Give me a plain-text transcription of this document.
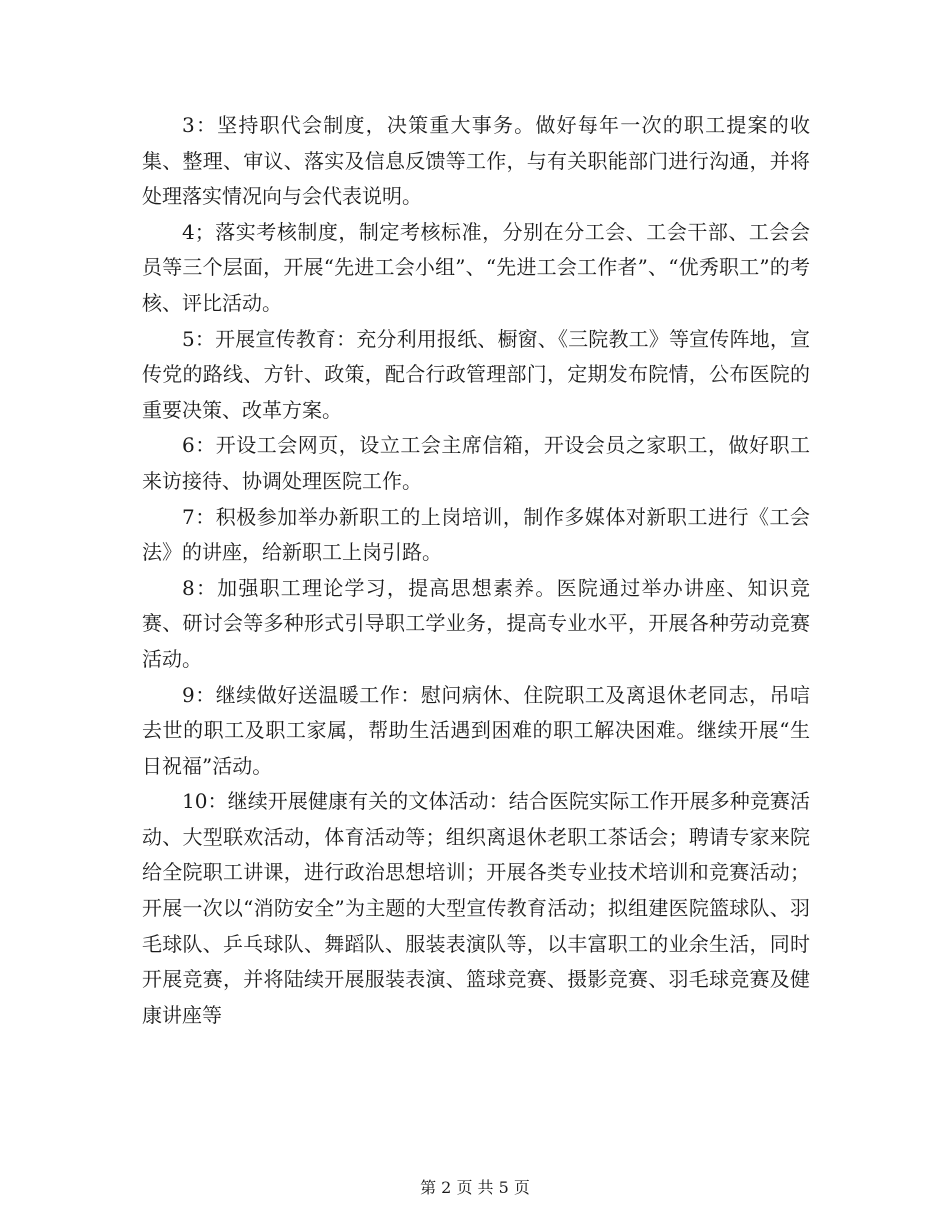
3：坚持职代会制度，决策重大事务。做好每年一次的职工提案的收集、整理、审议、落实及信息反馈等工作，与有关职能部门进行沟通，并将处理落实情况向与会代表说明。

4；落实考核制度，制定考核标准，分别在分工会、工会干部、工会会员等三个层面，开展“先进工会小组”、“先进工会工作者”、“优秀职工”的考核、评比活动。

5：开展宣传教育：充分利用报纸、橱窗、《三院教工》等宣传阵地，宣传党的路线、方针、政策，配合行政管理部门，定期发布院情，公布医院的重要决策、改革方案。

6：开设工会网页，设立工会主席信箱，开设会员之家职工，做好职工来访接待、协调处理医院工作。

7：积极参加举办新职工的上岗培训，制作多媒体对新职工进行《工会法》的讲座，给新职工上岗引路。

8：加强职工理论学习，提高思想素养。医院通过举办讲座、知识竞赛、研讨会等多种形式引导职工学业务，提高专业水平，开展各种劳动竞赛活动。

9：继续做好送温暖工作：慰问病休、住院职工及离退休老同志，吊唁去世的职工及职工家属，帮助生活遇到困难的职工解决困难。继续开展“生日祝福”活动。

10：继续开展健康有关的文体活动：结合医院实际工作开展多种竞赛活动、大型联欢活动，体育活动等；组织离退休老职工茶话会；聘请专家来院给全院职工讲课，进行政治思想培训；开展各类专业技术培训和竞赛活动；开展一次以“消防安全”为主题的大型宣传教育活动；拟组建医院篮球队、羽毛球队、乒乓球队、舞蹈队、服装表演队等，以丰富职工的业余生活，同时开展竞赛，并将陆续开展服装表演、篮球竞赛、摄影竞赛、羽毛球竞赛及健康讲座等

第 2 页 共 5 页
